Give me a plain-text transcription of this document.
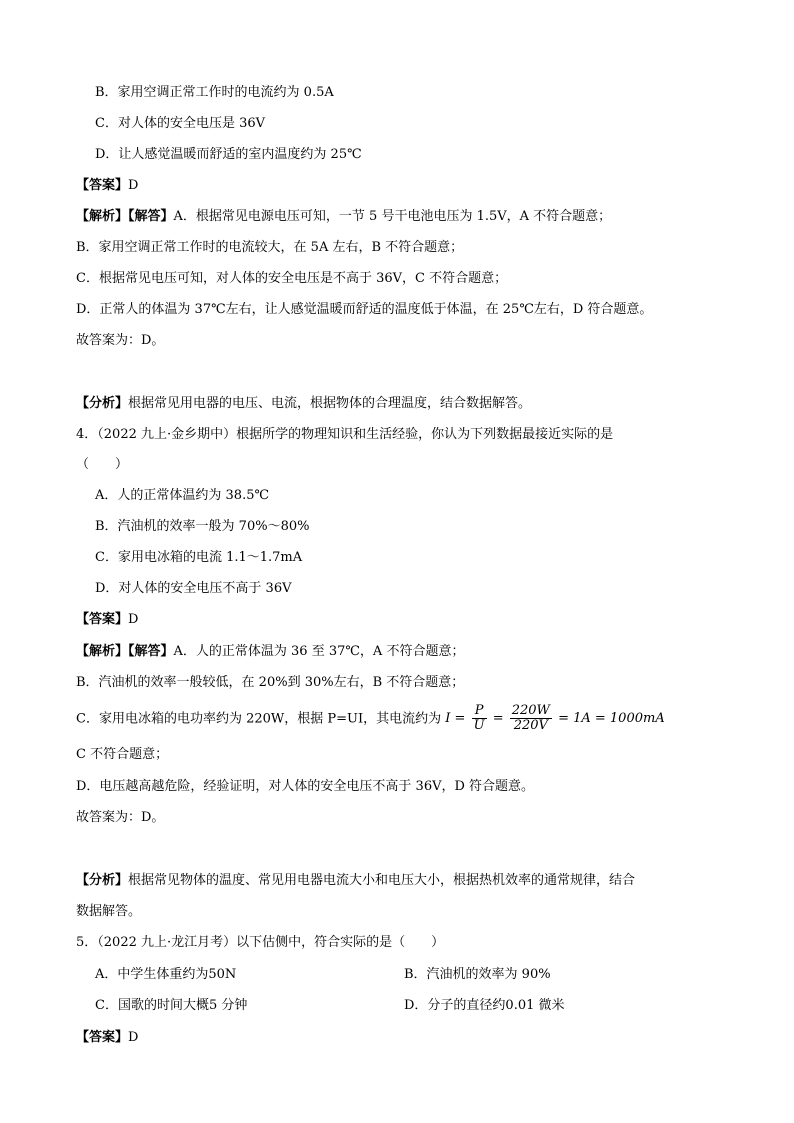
B．家用空调正常工作时的电流约为 0.5A
C．对人体的安全电压是 36V
D．让人感觉温暖而舒适的室内温度约为 25℃
【答案】D
【解析】【解答】A．根据常见电源电压可知，一节 5 号干电池电压为 1.5V，A 不符合题意；
B．家用空调正常工作时的电流较大，在 5A 左右，B 不符合题意；
C．根据常见电压可知，对人体的安全电压是不高于 36V，C 不符合题意；
D．正常人的体温为 37℃左右，让人感觉温暖而舒适的温度低于体温，在 25℃左右，D 符合题意。
故答案为：D。
【分析】根据常见用电器的电压、电流，根据物体的合理温度，结合数据解答。
4．（2022 九上·金乡期中）根据所学的物理知识和生活经验，你认为下列数据最接近实际的是
（　　）
A．人的正常体温约为 38.5℃
B．汽油机的效率一般为 70%～80%
C．家用电冰箱的电流 1.1～1.7mA
D．对人体的安全电压不高于 36V
【答案】D
【解析】【解答】A．人的正常体温为 36 至 37℃，A 不符合题意；
B．汽油机的效率一般较低，在 20%到 30%左右，B 不符合题意；
C．家用电冰箱的电功率约为 220W，根据 P=UI，其电流约为 $I = \frac{P}{U} = \frac{220W}{220V} = 1A = 1000mA$
C 不符合题意；
D．电压越高越危险，经验证明，对人体的安全电压不高于 36V，D 符合题意。
故答案为：D。
【分析】根据常见物体的温度、常见用电器电流大小和电压大小，根据热机效率的通常规律，结合
数据解答。
5．（2022 九上·龙江月考）以下估侧中，符合实际的是（　　）
A．中学生体重约为50N	B．汽油机的效率为 90%
C．国歌的时间大概5 分钟	D．分子的直径约0.01 微米
【答案】D
